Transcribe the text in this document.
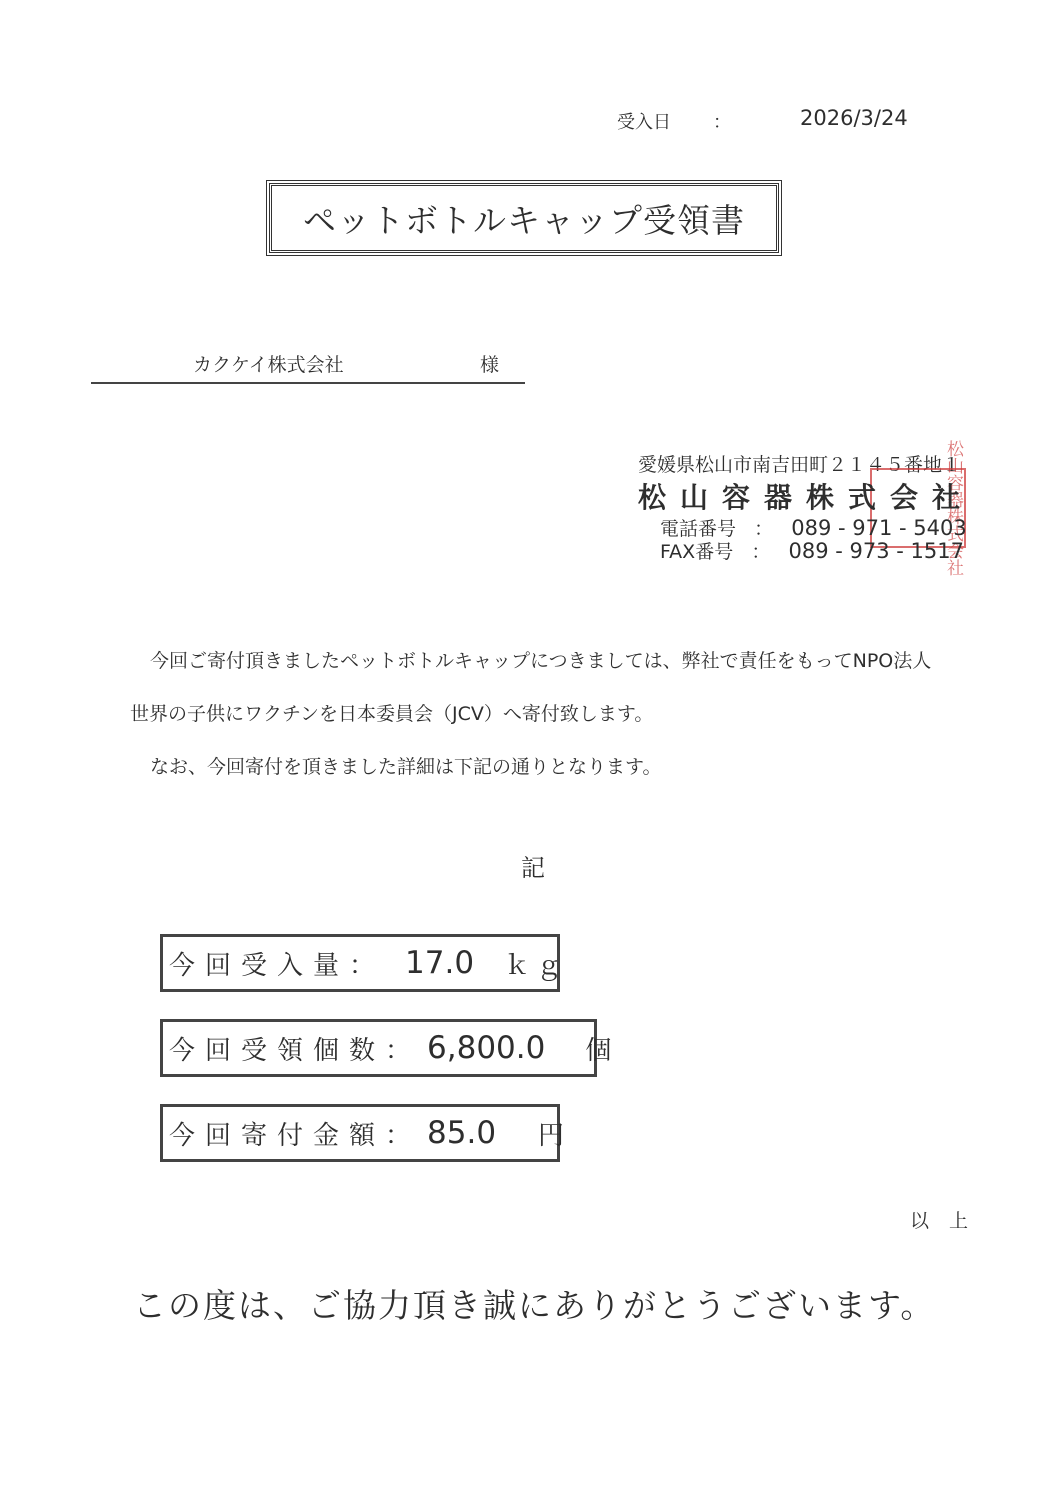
受入日 ：	2026/3/24
ペットボトルキャップ受領書
カクケイ株式会社	様
愛媛県松山市南吉田町２１４５番地１
松山容器株式会社
松山容器株式会社
電話番号   ：   089 - 971 - 5403
FAX番号   ：   089 - 973 - 1517
今回ご寄付頂きましたペットボトルキャップにつきましては、弊社で責任をもってNPO法人
世界の子供にワクチンを日本委員会（JCV）へ寄付致します。
なお、今回寄付を頂きました詳細は下記の通りとなります。
記
今回受入量： 17.0 ｋｇ
今回受領個数： 6,800.0 個
今回寄付金額： 85.0 円
以上
この度は、ご協力頂き誠にありがとうございます。
